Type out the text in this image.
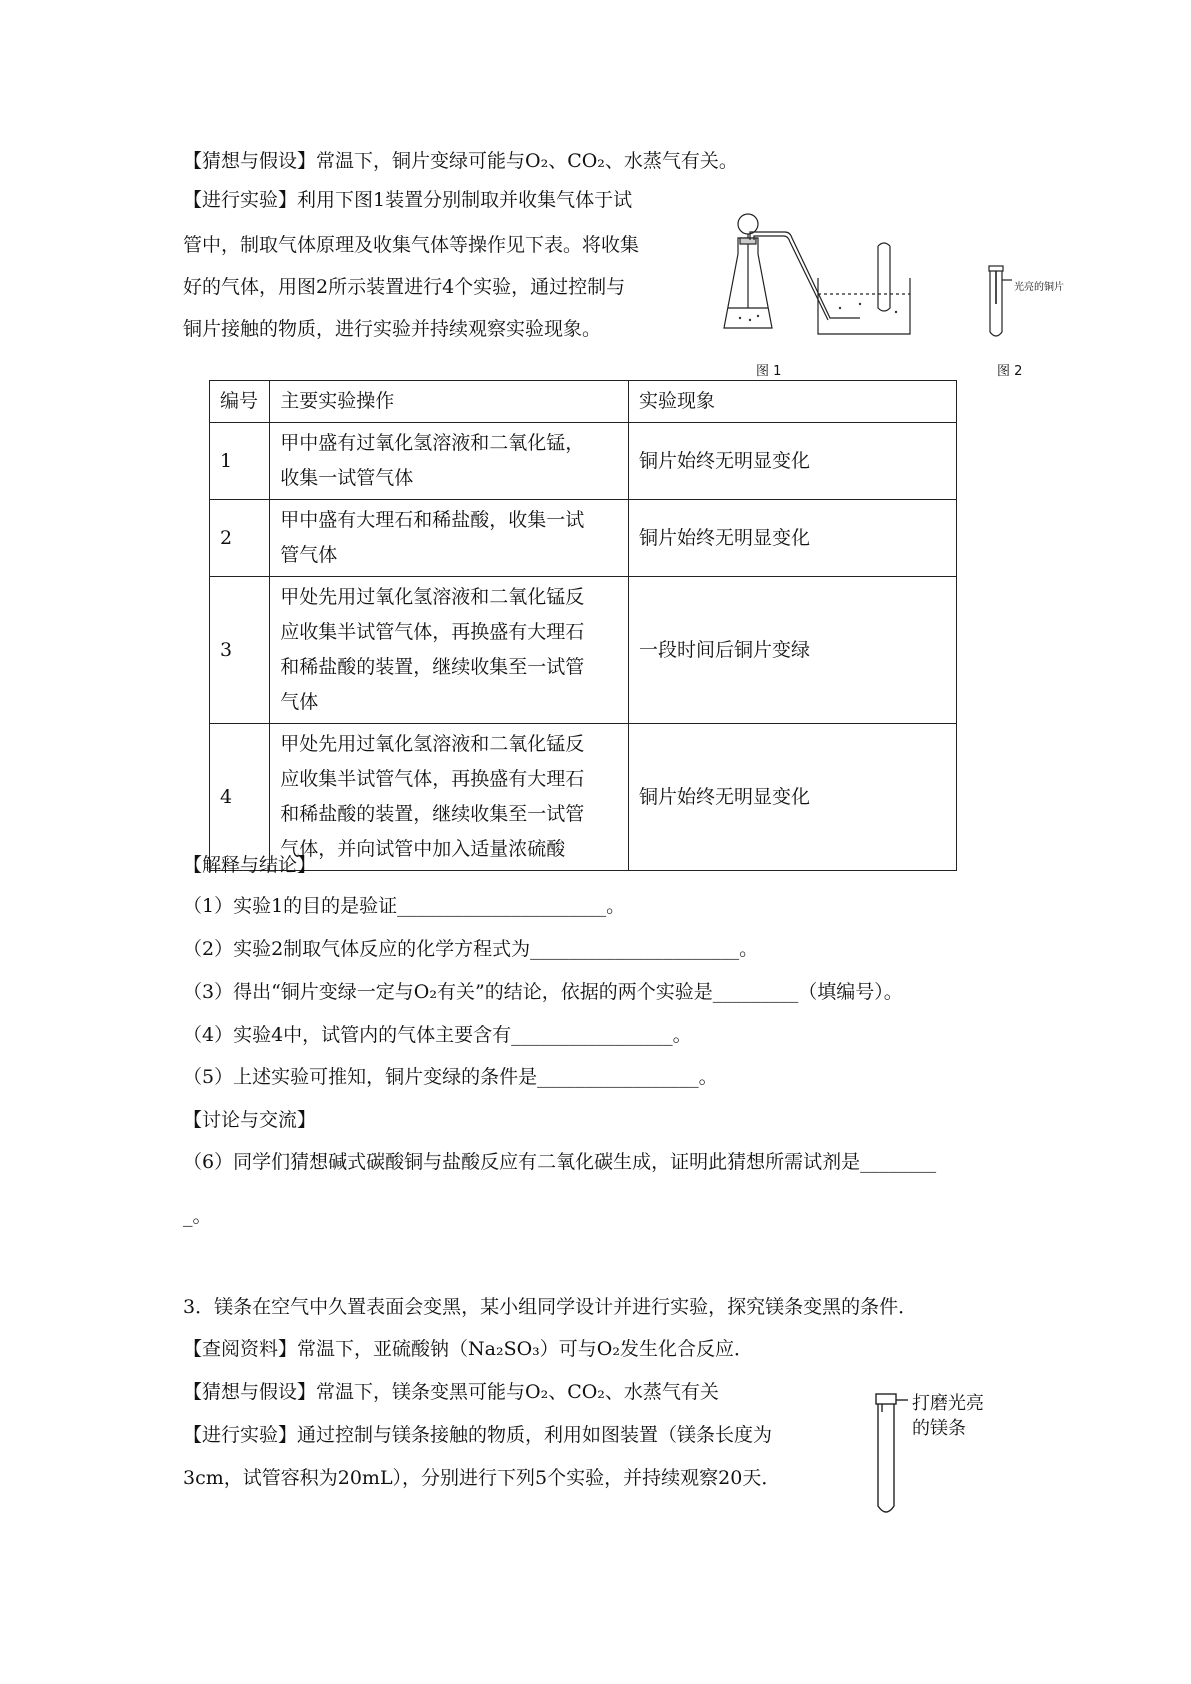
【猜想与假设】常温下，铜片变绿可能与O₂、CO₂、水蒸气有关。
【进行实验】利用下图1装置分别制取并收集气体于试
管中，制取气体原理及收集气体等操作见下表。将收集
好的气体，用图2所示装置进行4个实验，通过控制与
铜片接触的物质，进行实验并持续观察实验现象。
图 1
光亮的铜片
图 2
编号	主要实验操作	实验现象
1	甲中盛有过氧化氢溶液和二氧化锰，
收集一试管气体	铜片始终无明显变化
2	甲中盛有大理石和稀盐酸，收集一试
管气体	铜片始终无明显变化
3	甲处先用过氧化氢溶液和二氧化锰反
应收集半试管气体，再换盛有大理石
和稀盐酸的装置，继续收集至一试管
气体	一段时间后铜片变绿
4	甲处先用过氧化氢溶液和二氧化锰反
应收集半试管气体，再换盛有大理石
和稀盐酸的装置，继续收集至一试管
气体，并向试管中加入适量浓硫酸	铜片始终无明显变化
【解释与结论】
（1）实验1的目的是验证______________________。
（2）实验2制取气体反应的化学方程式为______________________。
（3）得出“铜片变绿一定与O₂有关”的结论，依据的两个实验是_________（填编号）。
（4）实验4中，试管内的气体主要含有_________________。
（5）上述实验可推知，铜片变绿的条件是_________________。
【讨论与交流】
（6）同学们猜想碱式碳酸铜与盐酸反应有二氧化碳生成，证明此猜想所需试剂是________
_。
3．镁条在空气中久置表面会变黑，某小组同学设计并进行实验，探究镁条变黑的条件．
【查阅资料】常温下，亚硫酸钠（Na₂SO₃）可与O₂发生化合反应．
【猜想与假设】常温下，镁条变黑可能与O₂、CO₂、水蒸气有关
【进行实验】通过控制与镁条接触的物质，利用如图装置（镁条长度为
3cm，试管容积为20mL），分别进行下列5个实验，并持续观察20天．
打磨光亮
的镁条
